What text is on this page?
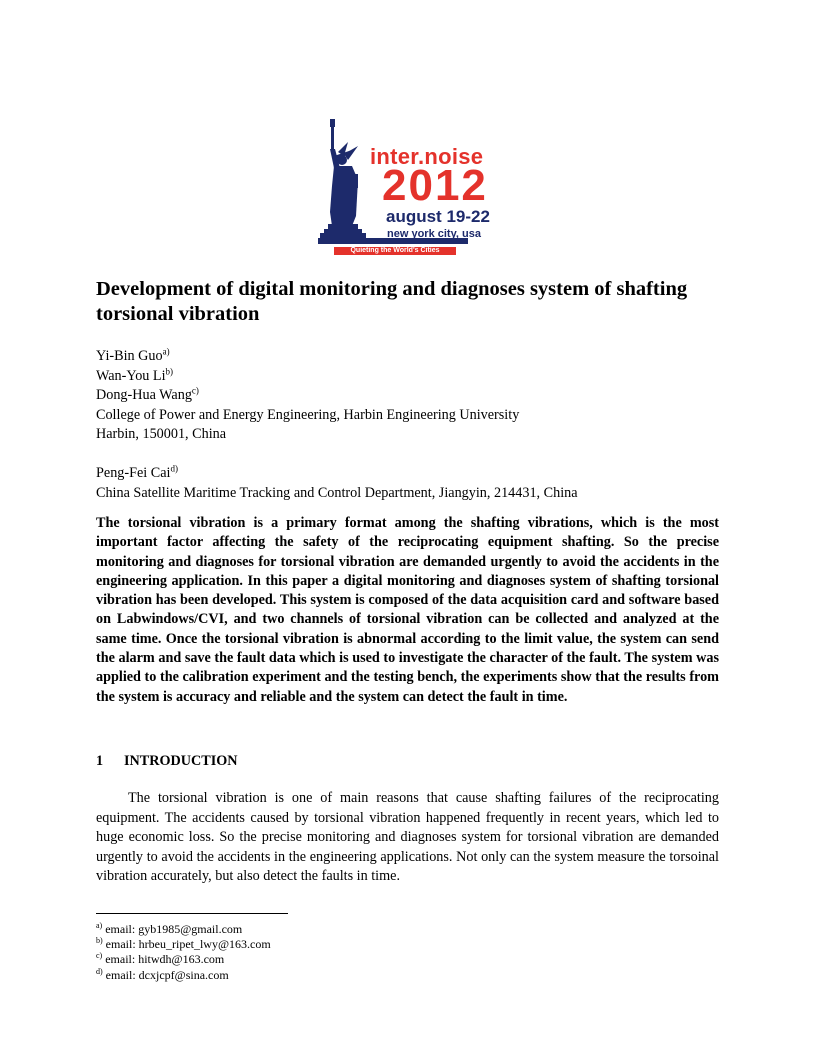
inter.noise
2012
august 19-22
new york city, usa
Quieting the World's Cities
Development of digital monitoring and diagnoses system of shafting torsional vibration
Yi-Bin Guo$^{a)}$
Wan-You Li$^{b)}$
Dong-Hua Wang$^{c)}$
College of Power and Energy Engineering, Harbin Engineering University
Harbin, 150001, China
Peng-Fei Cai$^{d)}$
China Satellite Maritime Tracking and Control Department, Jiangyin, 214431, China

The torsional vibration is a primary format among the shafting vibrations, which is the most important factor affecting the safety of the reciprocating equipment shafting. So the precise monitoring and diagnoses for torsional vibration are demanded urgently to avoid the accidents in the engineering application. In this paper a digital monitoring and diagnoses system of shafting torsional vibration has been developed. This system is composed of the data acquisition card and software based on Labwindows/CVI, and two channels of torsional vibration can be collected and analyzed at the same time. Once the torsional vibration is abnormal according to the limit value, the system can send the alarm and save the fault data which is used to investigate the character of the fault. The system was applied to the calibration experiment and the testing bench, the experiments show that the results from the system is accuracy and reliable and the system can detect the fault in time.

1 INTRODUCTION

The torsional vibration is one of main reasons that cause shafting failures of the reciprocating equipment. The accidents caused by torsional vibration happened frequently in recent years, which led to huge economic loss. So the precise monitoring and diagnoses system for torsional vibration are demanded urgently to avoid the accidents in the engineering applications. Not only can the system measure the torsoinal vibration accurately, but also detect the faults in time.

$^{a)}$ email: gyb1985@gmail.com
$^{b)}$ email: hrbeu_ripet_lwy@163.com
$^{c)}$ email: hitwdh@163.com
$^{d)}$ email: dcxjcpf@sina.com
